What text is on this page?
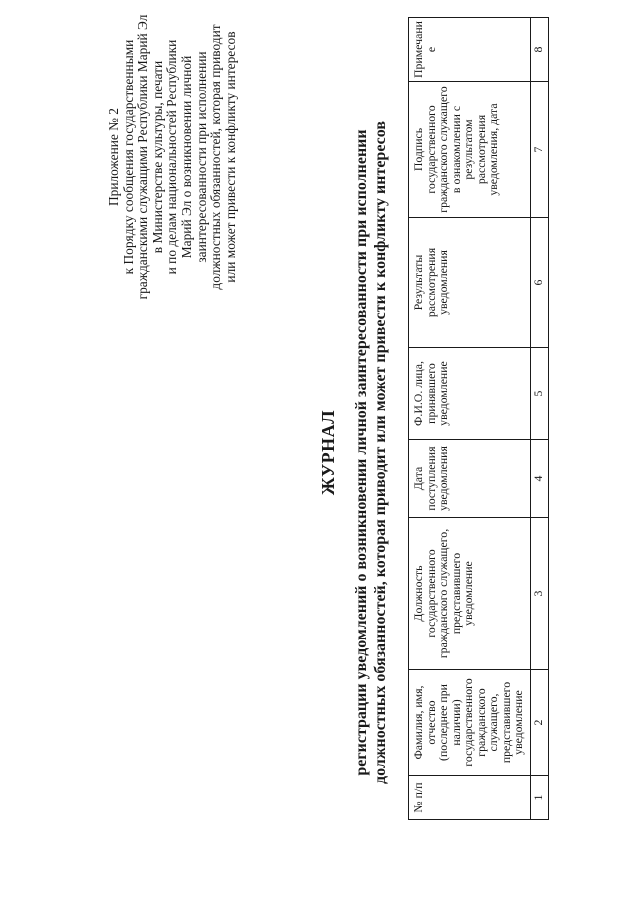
Приложение № 2 к Порядку сообщения государственными гражданскими служащими Республики Марий Эл в Министерстве культуры, печати и по делам национальностей Республики Марий Эл о возникновении личной заинтересованности при исполнении должностных обязанностей, которая приводит или может привести к конфликту интересов
ЖУРНАЛ регистрации уведомлений о возникновении личной заинтересованности при исполнении должностных обязанностей, которая приводит или может привести к конфликту интересов
№ п/п	Фамилия, имя, отчество (последнее при наличии) государственного гражданского служащего, представившего уведомление	Должность государственного гражданского служащего, представившего уведомление	Дата поступления уведомления	Ф.И.О. лица, принявшего уведомление	Результаты рассмотрения уведомления	Подпись государственного гражданского служащего в ознакомлении с результатом рассмотрения уведомления, дата	Примечание
1	2	3	4	5	6	7	8
